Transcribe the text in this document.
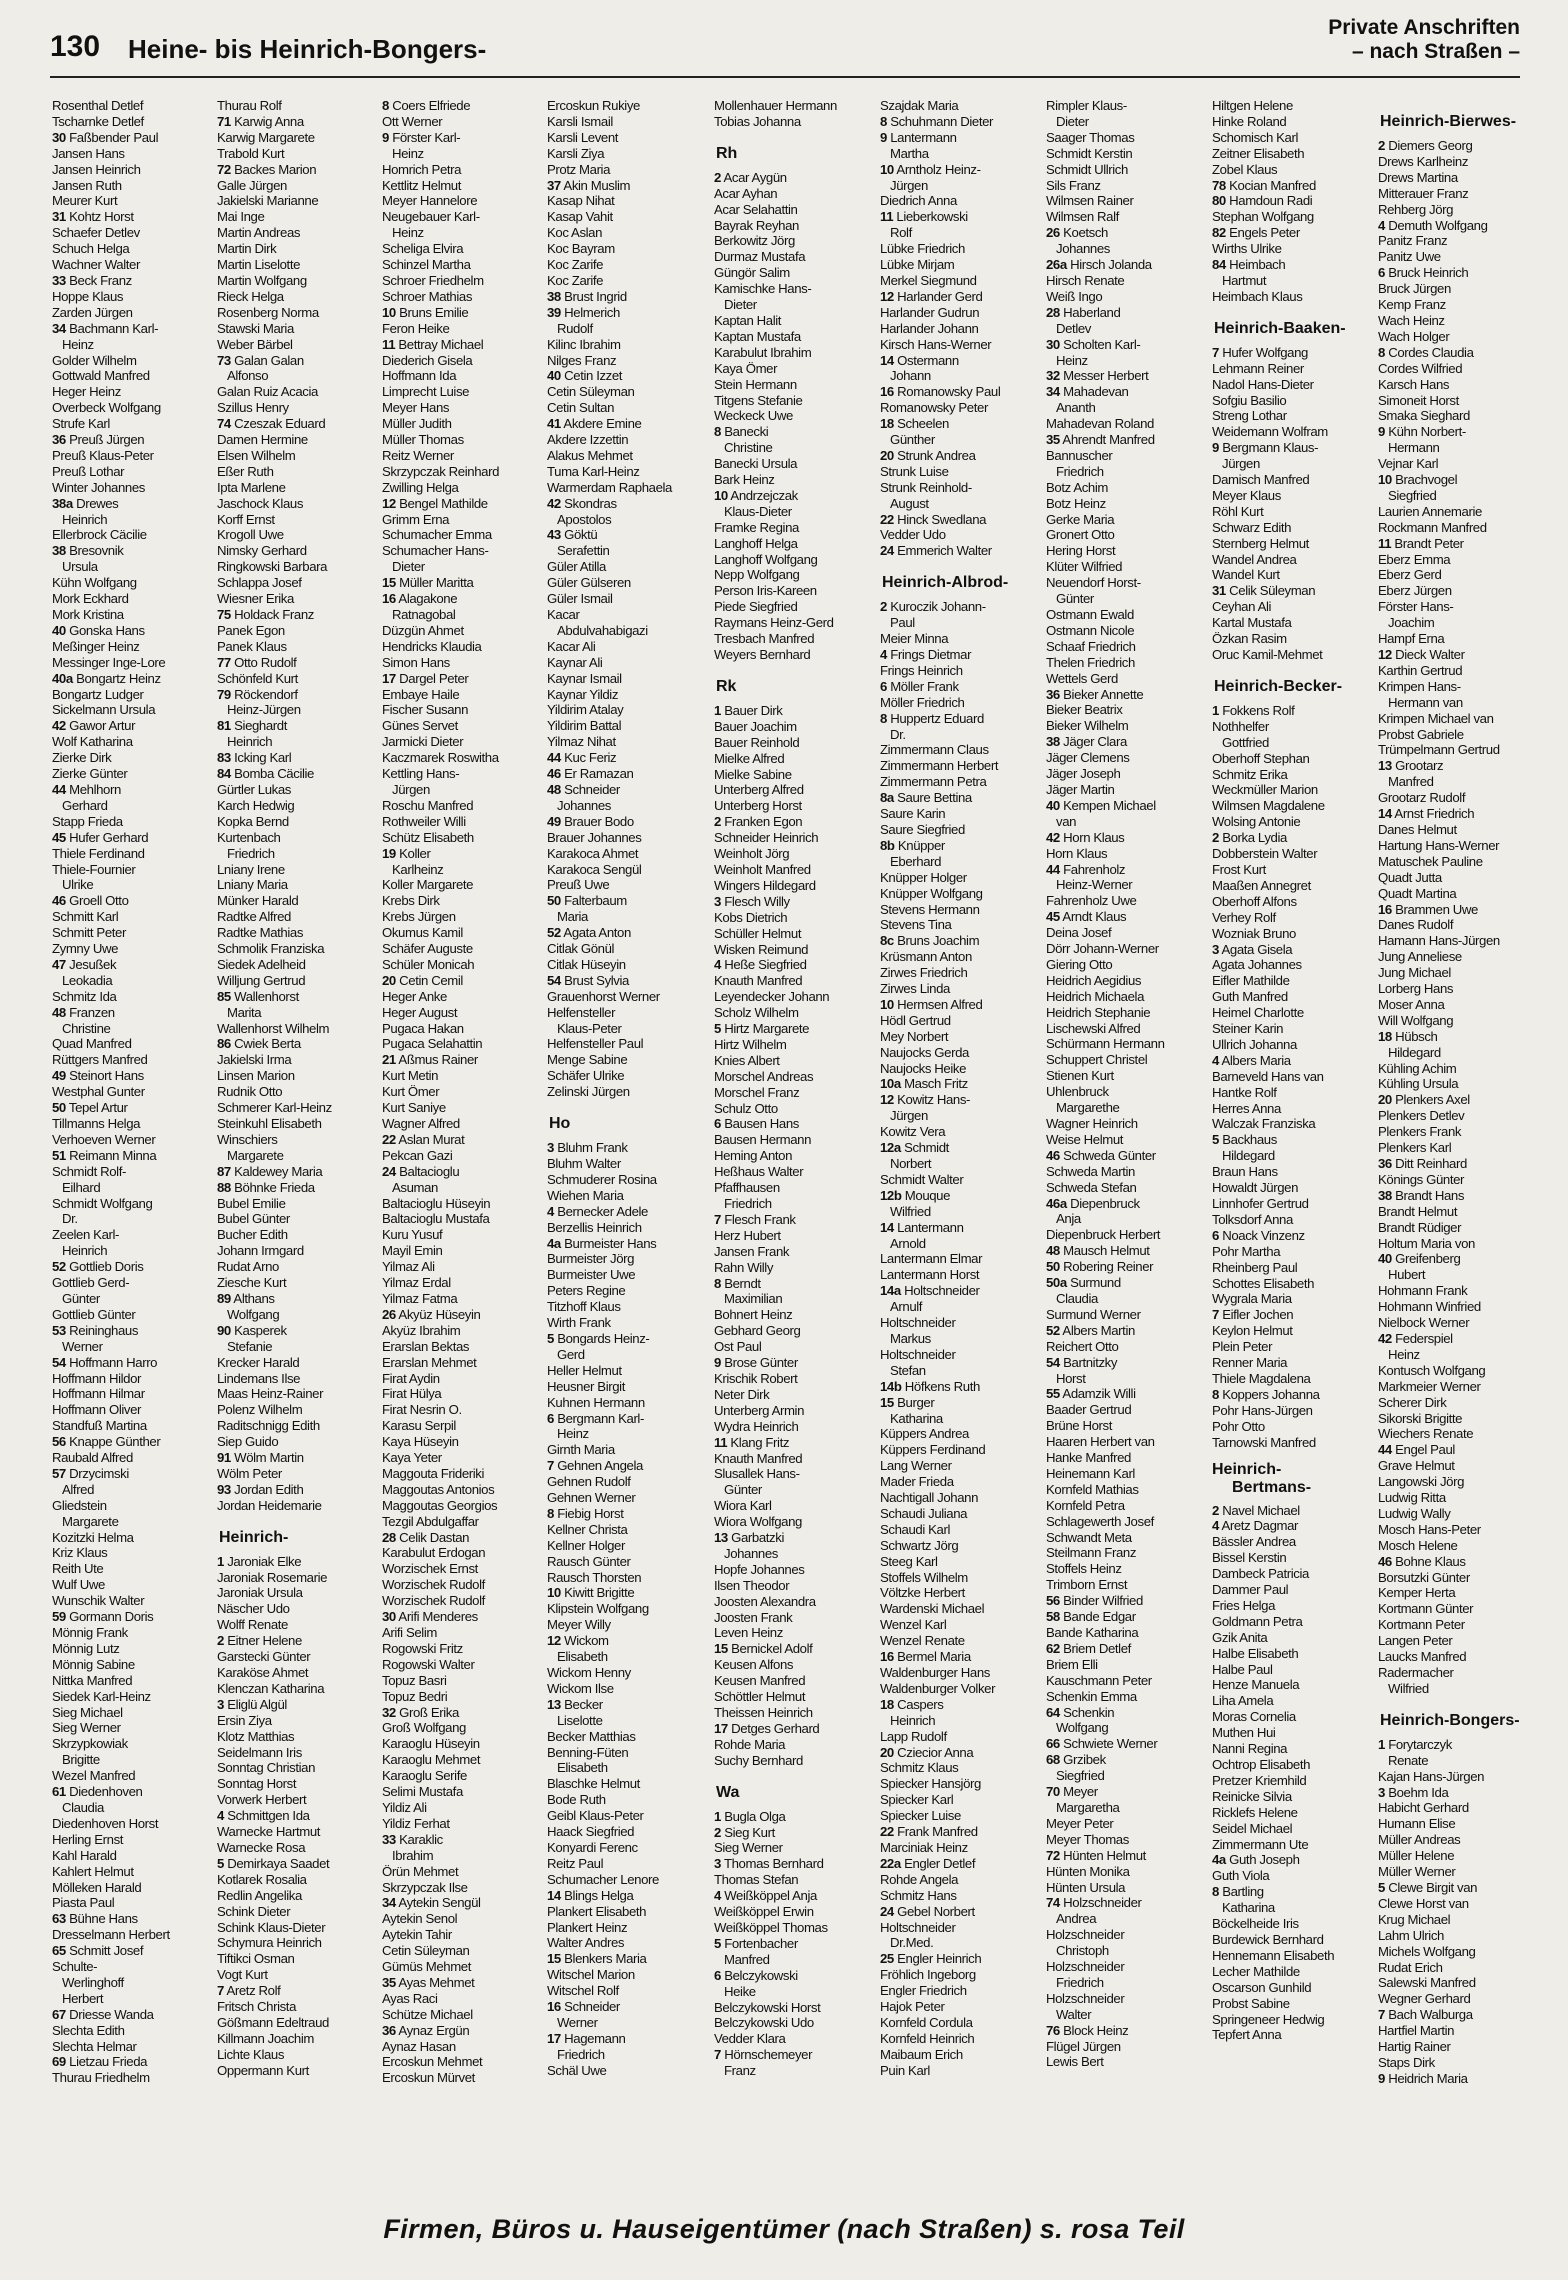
130 Heine- bis Heinrich-Bongers-
Private Anschriften
– nach Straßen –
Rosenthal Detlef
Tscharnke Detlef
30 Faßbender Paul
Jansen Hans
Jansen Heinrich
Jansen Ruth
Meurer Kurt
31 Kohtz Horst
Schaefer Detlev
Schuch Helga
Wachner Walter
33 Beck Franz
Hoppe Klaus
Zarden Jürgen
34 Bachmann Karl-
Heinz
Golder Wilhelm
Gottwald Manfred
Heger Heinz
Overbeck Wolfgang
Strufe Karl
36 Preuß Jürgen
Preuß Klaus-Peter
Preuß Lothar
Winter Johannes
38a Drewes
Heinrich
Ellerbrock Cäcilie
38 Bresovnik
Ursula
Kühn Wolfgang
Mork Eckhard
Mork Kristina
40 Gonska Hans
Meßinger Heinz
Messinger Inge-Lore
40a Bongartz Heinz
Bongartz Ludger
Sickelmann Ursula
42 Gawor Artur
Wolf Katharina
Zierke Dirk
Zierke Günter
44 Mehlhorn
Gerhard
Stapp Frieda
45 Hufer Gerhard
Thiele Ferdinand
Thiele-Fournier
Ulrike
46 Groell Otto
Schmitt Karl
Schmitt Peter
Zymny Uwe
47 Jesußek
Leokadia
Schmitz Ida
48 Franzen
Christine
Quad Manfred
Rüttgers Manfred
49 Steinort Hans
Westphal Gunter
50 Tepel Artur
Tillmanns Helga
Verhoeven Werner
51 Reimann Minna
Schmidt Rolf-
Eilhard
Schmidt Wolfgang
Dr.
Zeelen Karl-
Heinrich
52 Gottlieb Doris
Gottlieb Gerd-
Günter
Gottlieb Günter
53 Reininghaus
Werner
54 Hoffmann Harro
Hoffmann Hildor
Hoffmann Hilmar
Hoffmann Oliver
Standfuß Martina
56 Knappe Günther
Raubald Alfred
57 Drzycimski
Alfred
Gliedstein
Margarete
Kozitzki Helma
Kriz Klaus
Reith Ute
Wulf Uwe
Wunschik Walter
59 Gormann Doris
Mönnig Frank
Mönnig Lutz
Mönnig Sabine
Nittka Manfred
Siedek Karl-Heinz
Sieg Michael
Sieg Werner
Skrzypkowiak
Brigitte
Wezel Manfred
61 Diedenhoven
Claudia
Diedenhoven Horst
Herling Ernst
Kahl Harald
Kahlert Helmut
Mölleken Harald
Piasta Paul
63 Bühne Hans
Dresselmann Herbert
65 Schmitt Josef
Schulte-
Werlinghoff
Herbert
67 Driesse Wanda
Slechta Edith
Slechta Helmar
69 Lietzau Frieda
Thurau Friedhelm
Thurau Rolf
71 Karwig Anna
Karwig Margarete
Trabold Kurt
72 Backes Marion
Galle Jürgen
Jakielski Marianne
Mai Inge
Martin Andreas
Martin Dirk
Martin Liselotte
Martin Wolfgang
Rieck Helga
Rosenberg Norma
Stawski Maria
Weber Bärbel
73 Galan Galan
Alfonso
Galan Ruiz Acacia
Szillus Henry
74 Czeszak Eduard
Damen Hermine
Elsen Wilhelm
Eßer Ruth
Ipta Marlene
Jaschock Klaus
Korff Ernst
Krogoll Uwe
Nimsky Gerhard
Ringkowski Barbara
Schlappa Josef
Wiesner Erika
75 Holdack Franz
Panek Egon
Panek Klaus
77 Otto Rudolf
Schönfeld Kurt
79 Röckendorf
Heinz-Jürgen
81 Sieghardt
Heinrich
83 Icking Karl
84 Bomba Cäcilie
Gürtler Lukas
Karch Hedwig
Kopka Bernd
Kurtenbach
Friedrich
Lniany Irene
Lniany Maria
Münker Harald
Radtke Alfred
Radtke Mathias
Schmolik Franziska
Siedek Adelheid
Willjung Gertrud
85 Wallenhorst
Marita
Wallenhorst Wilhelm
86 Cwiek Berta
Jakielski Irma
Linsen Marion
Rudnik Otto
Schmerer Karl-Heinz
Steinkuhl Elisabeth
Winschiers
Margarete
87 Kaldewey Maria
88 Böhnke Frieda
Bubel Emilie
Bubel Günter
Bucher Edith
Johann Irmgard
Rudat Arno
Ziesche Kurt
89 Althans
Wolfgang
90 Kasperek
Stefanie
Krecker Harald
Lindemans Ilse
Maas Heinz-Rainer
Polenz Wilhelm
Raditschnigg Edith
Siep Guido
91 Wölm Martin
Wölm Peter
93 Jordan Edith
Jordan Heidemarie
Heinrich-
1 Jaroniak Elke
Jaroniak Rosemarie
Jaroniak Ursula
Näscher Udo
Wolff Renate
2 Eitner Helene
Garstecki Günter
Karaköse Ahmet
Klenczan Katharina
3 Eliglü Algül
Ersin Ziya
Klotz Matthias
Seidelmann Iris
Sonntag Christian
Sonntag Horst
Vorwerk Herbert
4 Schmittgen Ida
Warnecke Hartmut
Warnecke Rosa
5 Demirkaya Saadet
Kotlarek Rosalia
Redlin Angelika
Schink Dieter
Schink Klaus-Dieter
Schymura Heinrich
Tiftikci Osman
Vogt Kurt
7 Aretz Rolf
Fritsch Christa
Gößmann Edeltraud
Killmann Joachim
Lichte Klaus
Oppermann Kurt
8 Coers Elfriede
Ott Werner
9 Förster Karl-
Heinz
Homrich Petra
Kettlitz Helmut
Meyer Hannelore
Neugebauer Karl-
Heinz
Scheliga Elvira
Schinzel Martha
Schroer Friedhelm
Schroer Mathias
10 Bruns Emilie
Feron Heike
11 Bettray Michael
Diederich Gisela
Hoffmann Ida
Limprecht Luise
Meyer Hans
Müller Judith
Müller Thomas
Reitz Werner
Skrzypczak Reinhard
Zwilling Helga
12 Bengel Mathilde
Grimm Erna
Schumacher Emma
Schumacher Hans-
Dieter
15 Müller Maritta
16 Alagakone
Ratnagobal
Düzgün Ahmet
Hendricks Klaudia
Simon Hans
17 Dargel Peter
Embaye Haile
Fischer Susann
Günes Servet
Jarmicki Dieter
Kaczmarek Roswitha
Kettling Hans-
Jürgen
Roschu Manfred
Rothweiler Willi
Schütz Elisabeth
19 Koller
Karlheinz
Koller Margarete
Krebs Dirk
Krebs Jürgen
Okumus Kamil
Schäfer Auguste
Schüler Monicah
20 Cetin Cemil
Heger Anke
Heger August
Pugaca Hakan
Pugaca Selahattin
21 Aßmus Rainer
Kurt Metin
Kurt Ömer
Kurt Saniye
Wagner Alfred
22 Aslan Murat
Pekcan Gazi
24 Baltacioglu
Asuman
Baltacioglu Hüseyin
Baltacioglu Mustafa
Kuru Yusuf
Mayil Emin
Yilmaz Ali
Yilmaz Erdal
Yilmaz Fatma
26 Akyüz Hüseyin
Akyüz Ibrahim
Erarslan Bektas
Erarslan Mehmet
Firat Aydin
Firat Hülya
Firat Nesrin O.
Karasu Serpil
Kaya Hüseyin
Kaya Yeter
Maggouta Frideriki
Maggoutas Antonios
Maggoutas Georgios
Tezgil Abdulgaffar
28 Celik Dastan
Karabulut Erdogan
Worzischek Ernst
Worzischek Rudolf
Worzischek Rudolf
30 Arifi Menderes
Arifi Selim
Rogowski Fritz
Rogowski Walter
Topuz Basri
Topuz Bedri
32 Groß Erika
Groß Wolfgang
Karaoglu Hüseyin
Karaoglu Mehmet
Karaoglu Serife
Selimi Mustafa
Yildiz Ali
Yildiz Ferhat
33 Karaklic
Ibrahim
Örün Mehmet
Skrzypczak Ilse
34 Aytekin Sengül
Aytekin Senol
Aytekin Tahir
Cetin Süleyman
Gümüs Mehmet
35 Ayas Mehmet
Ayas Raci
Schütze Michael
36 Aynaz Ergün
Aynaz Hasan
Ercoskun Mehmet
Ercoskun Mürvet
Ercoskun Rukiye
Karsli Ismail
Karsli Levent
Karsli Ziya
Protz Maria
37 Akin Muslim
Kasap Nihat
Kasap Vahit
Koc Aslan
Koc Bayram
Koc Zarife
Koc Zarife
38 Brust Ingrid
39 Helmerich
Rudolf
Kilinc Ibrahim
Nilges Franz
40 Cetin Izzet
Cetin Süleyman
Cetin Sultan
41 Akdere Emine
Akdere Izzettin
Alakus Mehmet
Tuma Karl-Heinz
Warmerdam Raphaela
42 Skondras
Apostolos
43 Göktü
Serafettin
Güler Atilla
Güler Gülseren
Güler Ismail
Kacar
Abdulvahabigazi
Kacar Ali
Kaynar Ali
Kaynar Ismail
Kaynar Yildiz
Yildirim Atalay
Yildirim Battal
Yilmaz Nihat
44 Kuc Feriz
46 Er Ramazan
48 Schneider
Johannes
49 Brauer Bodo
Brauer Johannes
Karakoca Ahmet
Karakoca Sengül
Preuß Uwe
50 Falterbaum
Maria
52 Agata Anton
Citlak Gönül
Citlak Hüseyin
54 Brust Sylvia
Grauenhorst Werner
Helfensteller
Klaus-Peter
Helfensteller Paul
Menge Sabine
Schäfer Ulrike
Zelinski Jürgen
Ho
3 Bluhm Frank
Bluhm Walter
Schmuderer Rosina
Wiehen Maria
4 Bernecker Adele
Berzellis Heinrich
4a Burmeister Hans
Burmeister Jörg
Burmeister Uwe
Peters Regine
Titzhoff Klaus
Wirth Frank
5 Bongards Heinz-
Gerd
Heller Helmut
Heusner Birgit
Kuhnen Hermann
6 Bergmann Karl-
Heinz
Girnth Maria
7 Gehnen Angela
Gehnen Rudolf
Gehnen Werner
8 Fiebig Horst
Kellner Christa
Kellner Holger
Rausch Günter
Rausch Thorsten
10 Kiwitt Brigitte
Klipstein Wolfgang
Meyer Willy
12 Wickom
Elisabeth
Wickom Henny
Wickom Ilse
13 Becker
Liselotte
Becker Matthias
Benning-Füten
Elisabeth
Blaschke Helmut
Bode Ruth
Geibl Klaus-Peter
Haack Siegfried
Konyardi Ferenc
Reitz Paul
Schumacher Lenore
14 Blings Helga
Plankert Elisabeth
Plankert Heinz
Walter Andres
15 Blenkers Maria
Witschel Marion
Witschel Rolf
16 Schneider
Werner
17 Hagemann
Friedrich
Schäl Uwe
Mollenhauer Hermann
Tobias Johanna
Rh
2 Acar Aygün
Acar Ayhan
Acar Selahattin
Bayrak Reyhan
Berkowitz Jörg
Durmaz Mustafa
Güngör Salim
Kamischke Hans-
Dieter
Kaptan Halit
Kaptan Mustafa
Karabulut Ibrahim
Kaya Ömer
Stein Hermann
Titgens Stefanie
Weckeck Uwe
8 Banecki
Christine
Banecki Ursula
Bark Heinz
10 Andrzejczak
Klaus-Dieter
Framke Regina
Langhoff Helga
Langhoff Wolfgang
Nepp Wolfgang
Person Iris-Kareen
Piede Siegfried
Raymans Heinz-Gerd
Tresbach Manfred
Weyers Bernhard
Rk
1 Bauer Dirk
Bauer Joachim
Bauer Reinhold
Mielke Alfred
Mielke Sabine
Unterberg Alfred
Unterberg Horst
2 Franken Egon
Schneider Heinrich
Weinholt Jörg
Weinholt Manfred
Wingers Hildegard
3 Flesch Willy
Kobs Dietrich
Schüller Helmut
Wisken Reimund
4 Heße Siegfried
Knauth Manfred
Leyendecker Johann
Scholz Wilhelm
5 Hirtz Margarete
Hirtz Wilhelm
Knies Albert
Morschel Andreas
Morschel Franz
Schulz Otto
6 Bausen Hans
Bausen Hermann
Heming Anton
Heßhaus Walter
Pfaffhausen
Friedrich
7 Flesch Frank
Herz Hubert
Jansen Frank
Rahn Willy
8 Berndt
Maximilian
Bohnert Heinz
Gebhard Georg
Ost Paul
9 Brose Günter
Krischik Robert
Neter Dirk
Unterberg Armin
Wydra Heinrich
11 Klang Fritz
Knauth Manfred
Slusallek Hans-
Günter
Wiora Karl
Wiora Wolfgang
13 Garbatzki
Johannes
Hopfe Johannes
Ilsen Theodor
Joosten Alexandra
Joosten Frank
Leven Heinz
15 Bernickel Adolf
Keusen Alfons
Keusen Manfred
Schöttler Helmut
Theissen Heinrich
17 Detges Gerhard
Rohde Maria
Suchy Bernhard
Wa
1 Bugla Olga
2 Sieg Kurt
Sieg Werner
3 Thomas Bernhard
Thomas Stefan
4 Weißköppel Anja
Weißköppel Erwin
Weißköppel Thomas
5 Fortenbacher
Manfred
6 Belczykowski
Heike
Belczykowski Horst
Belczykowski Udo
Vedder Klara
7 Hörnschemeyer
Franz
Szajdak Maria
8 Schuhmann Dieter
9 Lantermann
Martha
10 Arntholz Heinz-
Jürgen
Diedrich Anna
11 Lieberkowski
Rolf
Lübke Friedrich
Lübke Mirjam
Merkel Siegmund
12 Harlander Gerd
Harlander Gudrun
Harlander Johann
Kirsch Hans-Werner
14 Ostermann
Johann
16 Romanowsky Paul
Romanowsky Peter
18 Scheelen
Günther
20 Strunk Andrea
Strunk Luise
Strunk Reinhold-
August
22 Hinck Swedlana
Vedder Udo
24 Emmerich Walter
Heinrich-Albrod-
2 Kuroczik Johann-
Paul
Meier Minna
4 Frings Dietmar
Frings Heinrich
6 Möller Frank
Möller Friedrich
8 Huppertz Eduard
Dr.
Zimmermann Claus
Zimmermann Herbert
Zimmermann Petra
8a Saure Bettina
Saure Karin
Saure Siegfried
8b Knüpper
Eberhard
Knüpper Holger
Knüpper Wolfgang
Stevens Hermann
Stevens Tina
8c Bruns Joachim
Krüsmann Anton
Zirwes Friedrich
Zirwes Linda
10 Hermsen Alfred
Hödl Gertrud
Mey Norbert
Naujocks Gerda
Naujocks Heike
10a Masch Fritz
12 Kowitz Hans-
Jürgen
Kowitz Vera
12a Schmidt
Norbert
Schmidt Walter
12b Mouque
Wilfried
14 Lantermann
Arnold
Lantermann Elmar
Lantermann Horst
14a Holtschneider
Arnulf
Holtschneider
Markus
Holtschneider
Stefan
14b Höfkens Ruth
15 Burger
Katharina
Küppers Andrea
Küppers Ferdinand
Lang Werner
Mader Frieda
Nachtigall Johann
Schaudi Juliana
Schaudi Karl
Schwartz Jörg
Steeg Karl
Stoffels Wilhelm
Völtzke Herbert
Wardenski Michael
Wenzel Karl
Wenzel Renate
16 Bermel Maria
Waldenburger Hans
Waldenburger Volker
18 Caspers
Heinrich
Lapp Rudolf
20 Cziecior Anna
Schmitz Klaus
Spiecker Hansjörg
Spiecker Karl
Spiecker Luise
22 Frank Manfred
Marciniak Heinz
22a Engler Detlef
Rohde Angela
Schmitz Hans
24 Gebel Norbert
Holtschneider
Dr.Med.
25 Engler Heinrich
Fröhlich Ingeborg
Engler Friedrich
Hajok Peter
Kornfeld Cordula
Kornfeld Heinrich
Maibaum Erich
Puin Karl
Rimpler Klaus-
Dieter
Saager Thomas
Schmidt Kerstin
Schmidt Ullrich
Sils Franz
Wilmsen Rainer
Wilmsen Ralf
26 Koetsch
Johannes
26a Hirsch Jolanda
Hirsch Renate
Weiß Ingo
28 Haberland
Detlev
30 Scholten Karl-
Heinz
32 Messer Herbert
34 Mahadevan
Ananth
Mahadevan Roland
35 Ahrendt Manfred
Bannuscher
Friedrich
Botz Achim
Botz Heinz
Gerke Maria
Gronert Otto
Hering Horst
Klüter Wilfried
Neuendorf Horst-
Günter
Ostmann Ewald
Ostmann Nicole
Schaaf Friedrich
Thelen Friedrich
Wettels Gerd
36 Bieker Annette
Bieker Beatrix
Bieker Wilhelm
38 Jäger Clara
Jäger Clemens
Jäger Joseph
Jäger Martin
40 Kempen Michael
van
42 Horn Klaus
Horn Klaus
44 Fahrenholz
Heinz-Werner
Fahrenholz Uwe
45 Arndt Klaus
Deina Josef
Dörr Johann-Werner
Giering Otto
Heidrich Aegidius
Heidrich Michaela
Heidrich Stephanie
Lischewski Alfred
Schürmann Hermann
Schuppert Christel
Stienen Kurt
Uhlenbruck
Margarethe
Wagner Heinrich
Weise Helmut
46 Schweda Günter
Schweda Martin
Schweda Stefan
46a Diepenbruck
Anja
Diepenbruck Herbert
48 Mausch Helmut
50 Robering Reiner
50a Surmund
Claudia
Surmund Werner
52 Albers Martin
Reichert Otto
54 Bartnitzky
Horst
55 Adamzik Willi
Baader Gertrud
Brüne Horst
Haaren Herbert van
Hanke Manfred
Heinemann Karl
Kornfeld Mathias
Kornfeld Petra
Schlagewerth Josef
Schwandt Meta
Steilmann Franz
Stoffels Heinz
Trimborn Ernst
56 Binder Wilfried
58 Bande Edgar
Bande Katharina
62 Briem Detlef
Briem Elli
Kauschmann Peter
Schenkin Emma
64 Schenkin
Wolfgang
66 Schwiete Werner
68 Grzibek
Siegfried
70 Meyer
Margaretha
Meyer Peter
Meyer Thomas
72 Hünten Helmut
Hünten Monika
Hünten Ursula
74 Holzschneider
Andrea
Holzschneider
Christoph
Holzschneider
Friedrich
Holzschneider
Walter
76 Block Heinz
Flügel Jürgen
Lewis Bert
Hiltgen Helene
Hinke Roland
Schomisch Karl
Zeitner Elisabeth
Zobel Klaus
78 Kocian Manfred
80 Hamdoun Radi
Stephan Wolfgang
82 Engels Peter
Wirths Ulrike
84 Heimbach
Hartmut
Heimbach Klaus
Heinrich-Baaken-
7 Hufer Wolfgang
Lehmann Reiner
Nadol Hans-Dieter
Sofgiu Basilio
Streng Lothar
Weidemann Wolfram
9 Bergmann Klaus-
Jürgen
Damisch Manfred
Meyer Klaus
Röhl Kurt
Schwarz Edith
Sternberg Helmut
Wandel Andrea
Wandel Kurt
31 Celik Süleyman
Ceyhan Ali
Kartal Mustafa
Özkan Rasim
Oruc Kamil-Mehmet
Heinrich-Becker-
1 Fokkens Rolf
Nothhelfer
Gottfried
Oberhoff Stephan
Schmitz Erika
Weckmüller Marion
Wilmsen Magdalene
Wolsing Antonie
2 Borka Lydia
Dobberstein Walter
Frost Kurt
Maaßen Annegret
Oberhoff Alfons
Verhey Rolf
Wozniak Bruno
3 Agata Gisela
Agata Johannes
Eifler Mathilde
Guth Manfred
Heimel Charlotte
Steiner Karin
Ullrich Johanna
4 Albers Maria
Barneveld Hans van
Hantke Rolf
Herres Anna
Walczak Franziska
5 Backhaus
Hildegard
Braun Hans
Howaldt Jürgen
Linnhofer Gertrud
Tolksdorf Anna
6 Noack Vinzenz
Pohr Martha
Rheinberg Paul
Schottes Elisabeth
Wygrala Maria
7 Eifler Jochen
Keylon Helmut
Plein Peter
Renner Maria
Thiele Magdalena
8 Koppers Johanna
Pohr Hans-Jürgen
Pohr Otto
Tarnowski Manfred
Heinrich-
Bertmans-
2 Navel Michael
4 Aretz Dagmar
Bässler Andrea
Bissel Kerstin
Dambeck Patricia
Dammer Paul
Fries Helga
Goldmann Petra
Gzik Anita
Halbe Elisabeth
Halbe Paul
Henze Manuela
Liha Amela
Moras Cornelia
Muthen Hui
Nanni Regina
Ochtrop Elisabeth
Pretzer Kriemhild
Reinicke Silvia
Ricklefs Helene
Seidel Michael
Zimmermann Ute
4a Guth Joseph
Guth Viola
8 Bartling
Katharina
Böckelheide Iris
Burdewick Bernhard
Hennemann Elisabeth
Lecher Mathilde
Oscarson Gunhild
Probst Sabine
Springeneer Hedwig
Tepfert Anna
Heinrich-Bierwes-
2 Diemers Georg
Drews Karlheinz
Drews Martina
Mitterauer Franz
Rehberg Jörg
4 Demuth Wolfgang
Panitz Franz
Panitz Uwe
6 Bruck Heinrich
Bruck Jürgen
Kemp Franz
Wach Heinz
Wach Holger
8 Cordes Claudia
Cordes Wilfried
Karsch Hans
Simoneit Horst
Smaka Sieghard
9 Kühn Norbert-
Hermann
Vejnar Karl
10 Brachvogel
Siegfried
Laurien Annemarie
Rockmann Manfred
11 Brandt Peter
Eberz Emma
Eberz Gerd
Eberz Jürgen
Förster Hans-
Joachim
Hampf Erna
12 Dieck Walter
Karthin Gertrud
Krimpen Hans-
Hermann van
Krimpen Michael van
Probst Gabriele
Trümpelmann Gertrud
13 Grootarz
Manfred
Grootarz Rudolf
14 Arnst Friedrich
Danes Helmut
Hartung Hans-Werner
Matuschek Pauline
Quadt Jutta
Quadt Martina
16 Brammen Uwe
Danes Rudolf
Hamann Hans-Jürgen
Jung Anneliese
Jung Michael
Lorberg Hans
Moser Anna
Will Wolfgang
18 Hübsch
Hildegard
Kühling Achim
Kühling Ursula
20 Plenkers Axel
Plenkers Detlev
Plenkers Frank
Plenkers Karl
36 Ditt Reinhard
Könings Günter
38 Brandt Hans
Brandt Helmut
Brandt Rüdiger
Holtum Maria von
40 Greifenberg
Hubert
Hohmann Frank
Hohmann Winfried
Nielbock Werner
42 Federspiel
Heinz
Kontusch Wolfgang
Markmeier Werner
Scherer Dirk
Sikorski Brigitte
Wiechers Renate
44 Engel Paul
Grave Helmut
Langowski Jörg
Ludwig Ritta
Ludwig Wally
Mosch Hans-Peter
Mosch Helene
46 Bohne Klaus
Borsutzki Günter
Kemper Herta
Kortmann Günter
Kortmann Peter
Langen Peter
Laucks Manfred
Radermacher
Wilfried
Heinrich-Bongers-
1 Forytarczyk
Renate
Kajan Hans-Jürgen
3 Boehm Ida
Habicht Gerhard
Humann Elise
Müller Andreas
Müller Helene
Müller Werner
5 Clewe Birgit van
Clewe Horst van
Krug Michael
Lahm Ulrich
Michels Wolfgang
Rudat Erich
Salewski Manfred
Wegner Gerhard
7 Bach Walburga
Hartfiel Martin
Hartig Rainer
Staps Dirk
9 Heidrich Maria
Firmen, Büros u. Hauseigentümer (nach Straßen) s. rosa Teil
